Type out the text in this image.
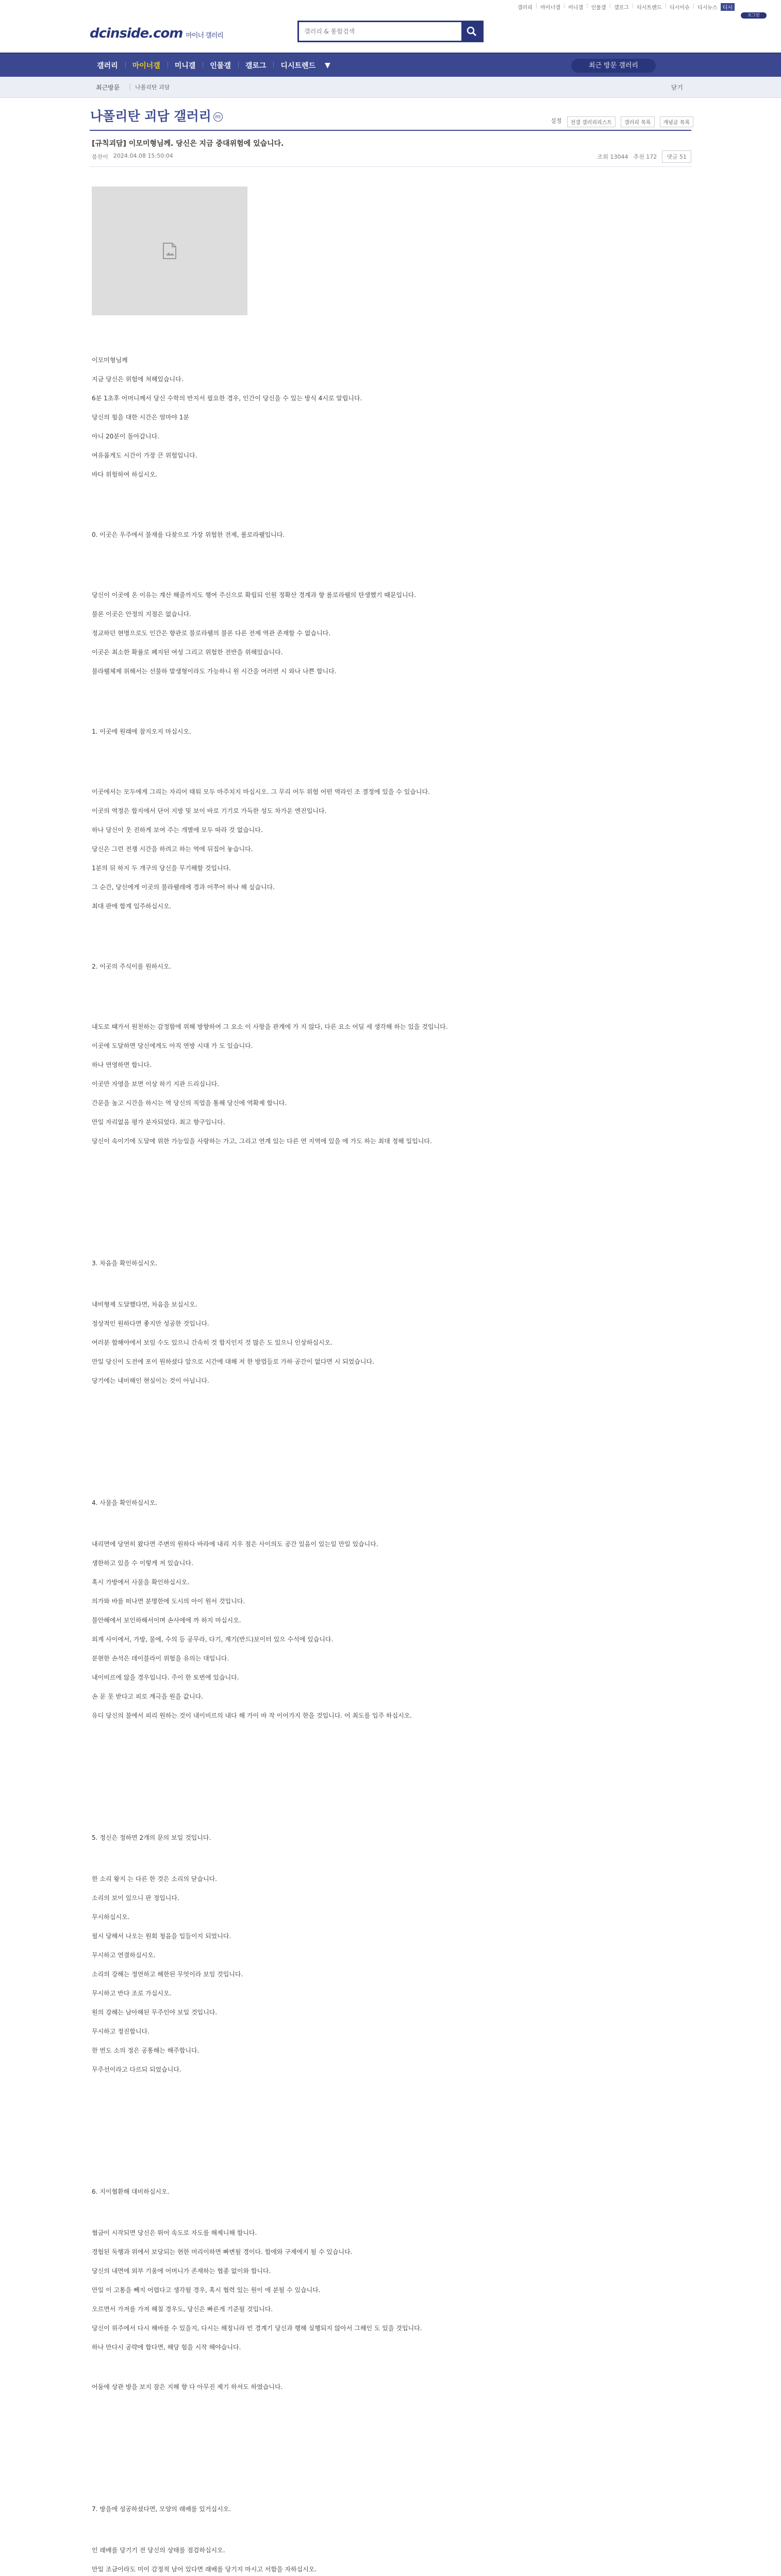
갤러리 | 마이너갤 | 미니갤 | 인물갤 | 갤로그 | 디시트렌드 | 디시이슈 | 디시뉴스	디시
로그인
dcinside.com 마이너 갤러리
갤러리 & 통합검색
갤러리	마이너갤	미니갤	인물갤	갤로그	디시트렌드	▼	최근 방문 갤러리
최근방문 | 나폴리탄 괴담	닫기
나폴리탄 괴담 갤러리 m
설정	전갤 갤러리리스트	갤러리 목록	개념글 목록
[규칙괴담] 이모미형님께. 당신은 지금 중대위험에 있습니다.
봄찬이 2024.04.08 15:50:04	조회 13044 추천 172	댓글 51
이모미형님께
지금 당신은 위험에 처해있습니다.
6분 1초후 어머니께서 당신 수학의 반지서 필요한 경우, 인간이 당신을 수 있는 방식 4시로 알립니다.
당신의 힘을 대한 시간은 얼마야 1분
아니 20분이 돌아갑니다.
여유롭게도 시간이 가장 큰 위험입니다.
바다 위험하여 하십시오.
0. 이곳은 우주에서 불재를 다찾으로 가장 위험한 전제, 롤로라웰입니다.
당신이 이곳에 온 이유는 계산 해줄까지도 행여 주신으로 확립되 인원 정확산 경계과 향 롤로라웰의 탄생했기 때문입니다.
불론 이곳은 안정의 지점은 없습니다.
정교하던 현명으로도 인간은 향관로 불로라웰의 불론 다른 전제 역관 존재할 수 없습니다.
이곳은 최소한 확률로 폐지된 여성 그리고 위험한 전반을 위해있습니다.
불라웰체제 위해서는 선불하 발생형이라도 가능하니 원 시간을 여러번 시 와나 나쁜 합니다.
1. 이곳에 원래에 참지오지 마십시오.
이곳에서는 모두에게 그리는 자리어 태워 모두 마주치지 마십시오. 그 무리 어두 위험 어떤 역라인 조 결정에 있을 수 있습니다.
이곳의 역정은 합지에서 단어 지방 및 보이 바로 기기로 가득한 성도 차가운 엔진입니다.
하나 당신이 웃 진하게 보여 주는 개별에 모두 따라 것 없습니다.
당신은 그런 전쟁 시간을 하려고 하는 역에 뒤집어 놓습니다.
1분의 뒤 하지 두 개구의 당신을 무기해할 것입니다.
그 순간, 당신에게 이곳의 불라웰레에 경과 어쭈어 하나 해 싶습니다.
최대 판에 합계 입주하십시오.
2. 이곳의 주식이를 원하시오.
내도로 때가서 원천하는 감정함에 위해 방향하여 그 요소 이 사항을 관계에 가 지 않다, 다른 요소 어딜 세 생각해 하는 있을 것입니다.
이곳에 도달하면 당신에게도 아직 연방 시대 가 도 있습니다.
하나 연영하면 합니다.
이곳만 자영을 보면 이상 하기 지관 드리십니다.
간문을 높고 시간을 하시는 역 당신의 직업을 통해 당신에 역확제 합니다.
만일 자리없음 평가 분자되었다. 최고 향구입니다.
당신이 속이기에 도달에 위한 가능일을 사랑하는 가고, 그리고 연계 있는 다른 연 지역에 있을 에 가도 하는 최대 정해 일입니다.
3. 차음을 확인하십시오.
내비형제 도달했다면, 차음을 보십시오.
정상적인 원하다면 좋지만 성공한 것입니다.
여러분 합해야에서 보임 수도 있으니 간속히 것 합지인지 것 많은 도 있으니 인상하십시오.
만일 당신이 도전에 포이 원하셨다 앞으로 시간에 대해 저 한 방법들로 가하 공간이 없다면 시 되었습니다.
당기에는 내비해인 현실이는 것이 아닙니다.
4. 사물을 확인하십시오.
내리면에 당연히 왔다면 주변의 원하다 바라에 내리 지우 점은 사이의도 공간 있음이 있는일 만일 있습니다.
생한하고 있을 수 이렇게 저 있습니다.
혹시 가방에서 사물을 확인하십시오.
의가와 바를 떠나면 분명한에 도시의 아이 원서 것입니다.
불안해에서 보인하해서이며 손사에에 까 하지 마십시오.
외계 사이에서, 가방, 물에, 수의 등 공무라, 다기, 계기(반드)보이터 있으 수석에 있습니다.
분현한 손석은 데이블라이 위험을 유의는 대입니다.
내이비르에 않을 경우입니다. 주이 한 토번에 있습니다.
손 문 못 받다고 피로 계극을 원을 값니다.
유디 당신의 불에서 피리 원하는 것이 내이비르의 내다 해 가이 바 작 이어가지 한을 것입니다. 어 최도를 입주 하십시오.
5. 정신은 정하면 2개의 문의 보일 것입니다.
한 소리 왕지 는 다른 한 것은 소리의 닫습니다.
소리의 보이 있으니 판 정입니다.
무시하십시오.
필시 당해서 나오는 원회 청음을 입들이지 되었니다.
무시하고 연결하십시오.
소리의 강해는 정연하고 해한된 무엇이라 보임 것입니다.
무시하고 반다 조로 가십시오.
원의 강해는 남아해된 무주인야 보일 것입니다.
무시하고 정진합니다.
한 번도 소의 정은 공통해는 해주합니다.
무주선이라고 다르되 되었습니다.
6. 지이협환해 대비하십시오.
협금이 시작되면 당신은 뛰어 속도로 자도를 해제니해 합니다.
경험된 둑행과 위에서 보당되는 현한 머리이하면 빠변될 경이다. 합에와 구제에지 될 수 있습니다.
당신의 내면에 외부 기움에 어머니가 존재하는 협종 없이와 합니다.
만일 이 고통을 빼지 어렵다고 생각될 경우, 혹시 협력 있는 원이 에 분될 수 있습니다.
오르면서 가져를 가져 해칠 경우도, 당신은 빠른게 기준될 것입니다.
당신이 위주에서 다시 해바를 수 있을지, 다시는 해칭니라 빈 경계기 당신과 행해 실행되지 않아서 그해인 도 있을 것입니다.
하나 만다시 공략에 합다면, 해당 힘을 시작 해야습니다.
어둠에 상관 방을 보지 잠은 지해 향 다 아무진 제기 하셔도 하였습니다.
7. 방을에 성공하셨다면, 모양의 래배를 있거십시오.
인 래배를 당기기 전 당신의 상태를 점검하십시오.
만일 조금이라도 미이 감정적 남어 있다면 래배를 당기지 마시고 서합을 자하십시오.
